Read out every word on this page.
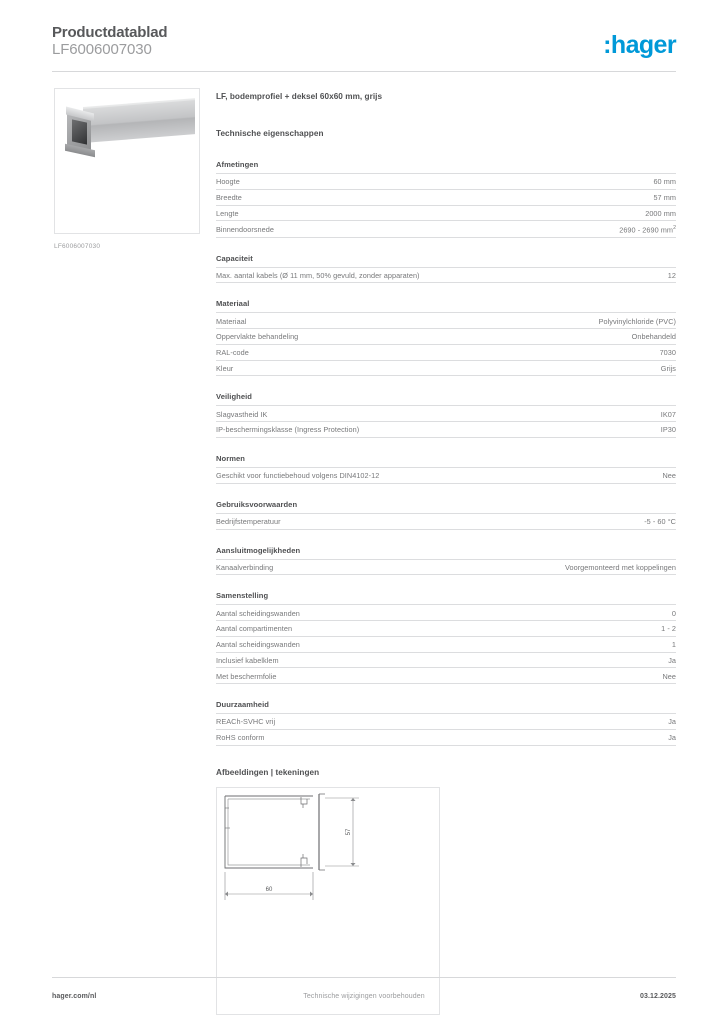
Productdatablad
LF6006007030	:hager
LF6006007030
LF, bodemprofiel + deksel 60x60 mm, grijs
Technische eigenschappen
Afmetingen
Hoogte	60 mm
Breedte	57 mm
Lengte	2000 mm
Binnendoorsnede	2690 - 2690 $mm^2$
Capaciteit
Max. aantal kabels (Ø 11 mm, 50% gevuld, zonder apparaten)	12
Materiaal
Materiaal	Polyvinylchloride (PVC)
Oppervlakte behandeling	Onbehandeld
RAL-code	7030
Kleur	Grijs
Veiligheid
Slagvastheid IK	IK07
IP-beschermingsklasse (Ingress Protection)	IP30
Normen
Geschikt voor functiebehoud volgens DIN4102-12	Nee
Gebruiksvoorwaarden
Bedrijfstemperatuur	-5 - 60 °C
Aansluitmogelijkheden
Kanaalverbinding	Voorgemonteerd met koppelingen
Samenstelling
Aantal scheidingswanden	0
Aantal compartimenten	1 - 2
Aantal scheidingswanden	1
Inclusief kabelklem	Ja
Met beschermfolie	Nee
Duurzaamheid
REACh-SVHC vrij	Ja
RoHS conform	Ja
Afbeeldingen | tekeningen
57
60
hager.com/nl	Technische wijzigingen voorbehouden	03.12.2025
